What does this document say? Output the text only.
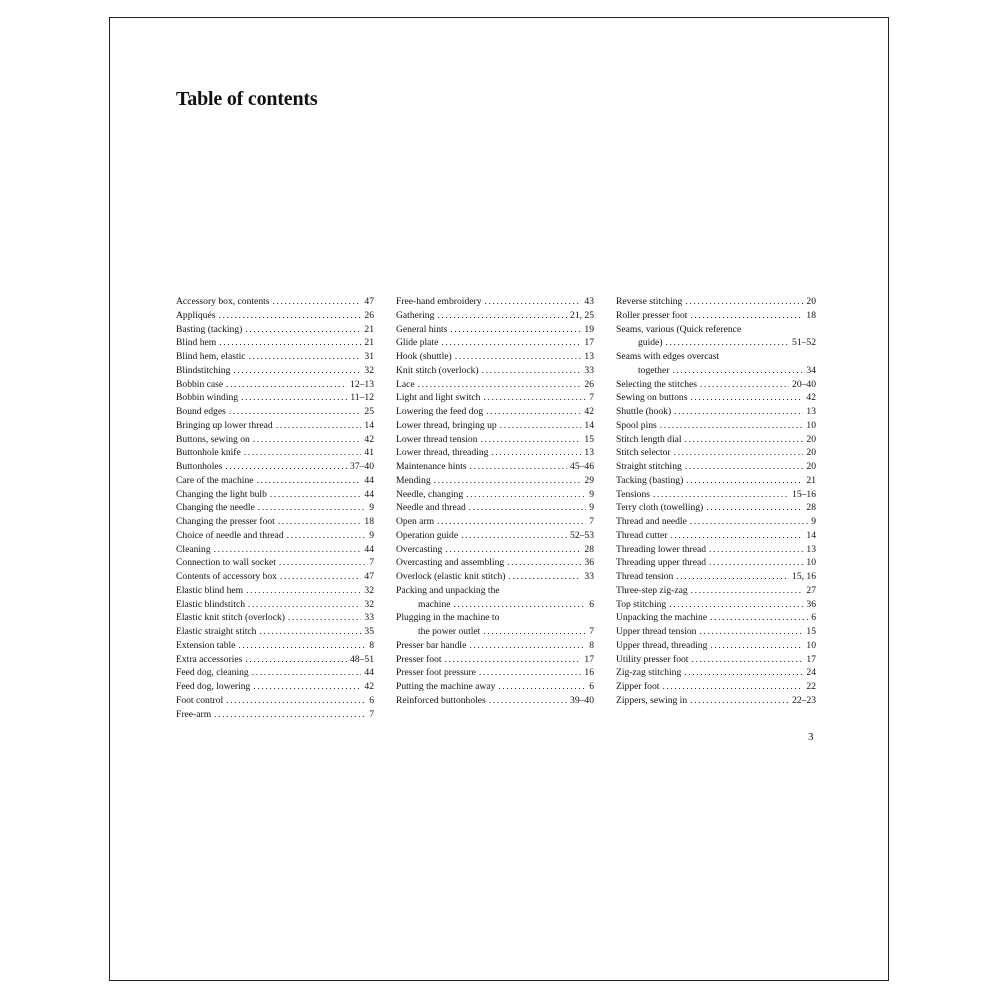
Table of contents
Accessory box, contents .....	47
Appliqués .....	26
Basting (tacking) .....	21
Blind hem .....	21
Blind hem, elastic .....	31
Blindstitching .....	32
Bobbin case .....	12–13
Bobbin winding .....	11–12
Bound edges .....	25
Bringing up lower thread .....	14
Buttons, sewing on .....	42
Buttonhole knife .....	41
Buttonholes .....	37–40
Care of the machine .....	44
Changing the light bulb .....	44
Changing the needle .....	9
Changing the presser foot .....	18
Choice of needle and thread .....	9
Cleaning .....	44
Connection to wall socket .....	7
Contents of accessory box .....	47
Elastic blind hem .....	32
Elastic blindstitch .....	32
Elastic knit stitch (overlock) .....	33
Elastic straight stitch .....	35
Extension table .....	8
Extra accessories .....	48–51
Feed dog, cleaning .....	44
Feed dog, lowering .....	42
Foot control .....	6
Free-arm .....	7
Free-hand embroidery .....	43
Gathering .....	21, 25
General hints .....	19
Glide plate .....	17
Hook (shuttle) .....	13
Knit stitch (overlock) .....	33
Lace .....	26
Light and light switch .....	7
Lowering the feed dog .....	42
Lower thread, bringing up .....	14
Lower thread tension .....	15
Lower thread, threading .....	13
Maintenance hints .....	45–46
Mending .....	29
Needle, changing .....	9
Needle and thread .....	9
Open arm .....	7
Operation guide .....	52–53
Overcasting .....	28
Overcasting and assembling .....	36
Overlock (elastic knit stitch) .....	33
Packing and unpacking the
machine .....	6
Plugging in the machine to
the power outlet .....	7
Presser bar handle .....	8
Presser foot .....	17
Presser foot pressure .....	16
Putting the machine away .....	6
Reinforced buttonholes .....	39–40
Reverse stitching .....	20
Roller presser foot .....	18
Seams, various (Quick reference
guide) .....	51–52
Seams with edges overcast
together .....	34
Selecting the stitches .....	20–40
Sewing on buttons .....	42
Shuttle (hook) .....	13
Spool pins .....	10
Stitch length dial .....	20
Stitch selector .....	20
Straight stitching .....	20
Tacking (basting) .....	21
Tensions .....	15–16
Terry cloth (towelling) .....	28
Thread and needle .....	9
Thread cutter .....	14
Threading lower thread .....	13
Threading upper thread .....	10
Thread tension .....	15, 16
Three-step zig-zag .....	27
Top stitching .....	36
Unpacking the machine .....	6
Upper thread tension .....	15
Upper thread, threading .....	10
Utility presser foot .....	17
Zig-zag stitching .....	24
Zipper foot .....	22
Zippers, sewing in .....	22–23
3
